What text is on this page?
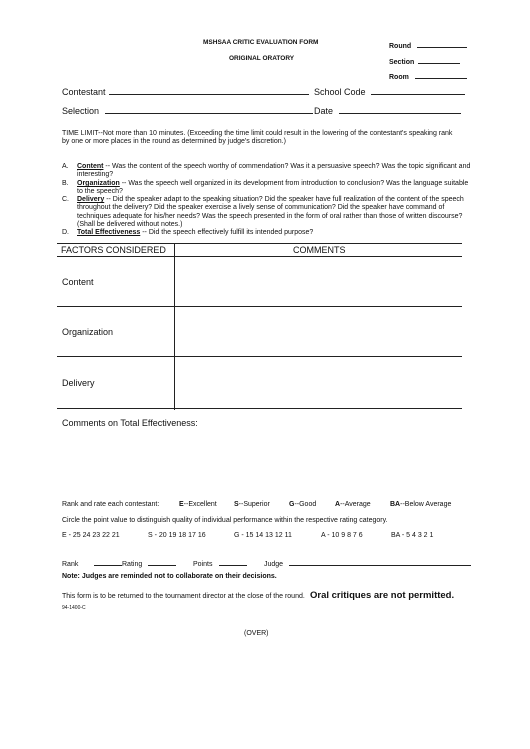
MSHSAA CRITIC EVALUATION FORM
ORIGINAL ORATORY
Round
Section
Room
Contestant	School Code
Selection	Date
TIME LIMIT--Not more than 10 minutes. (Exceeding the time limit could result in the lowering of the contestant's speaking rank
by one or more places in the round as determined by judge's discretion.)
A. Content -- Was the content of the speech worthy of commendation? Was it a persuasive speech? Was the topic significant and interesting?
B. Organization -- Was the speech well organized in its development from introduction to conclusion? Was the language suitable to the speech?
C. Delivery -- Did the speaker adapt to the speaking situation? Did the speaker have full realization of the content of the speech throughout the delivery? Did the speaker exercise a lively sense of communication? Did the speaker have command of techniques adequate for his/her needs? Was the speech presented in the form of oral rather than those of written discourse? (Shall be delivered without notes.)
D. Total Effectiveness -- Did the speech effectively fulfill its intended purpose?
FACTORS CONSIDERED	COMMENTS
Content
Organization
Delivery
Comments on Total Effectiveness:
Rank and rate each contestant:	E--Excellent S--Superior	G--Good	A--Average	BA--Below Average
Circle the point value to distinguish quality of individual performance within the respective rating category.
E - 25 24 23 22 21	S - 20 19 18 17 16	G - 15 14 13 12 11	A - 10 9 8 7 6	BA - 5 4 3 2 1
Rank	Rating	Points	Judge
Note: Judges are reminded not to collaborate on their decisions.
This form is to be returned to the tournament director at the close of the round. Oral critiques are not permitted.
94-1400-C
(OVER)
